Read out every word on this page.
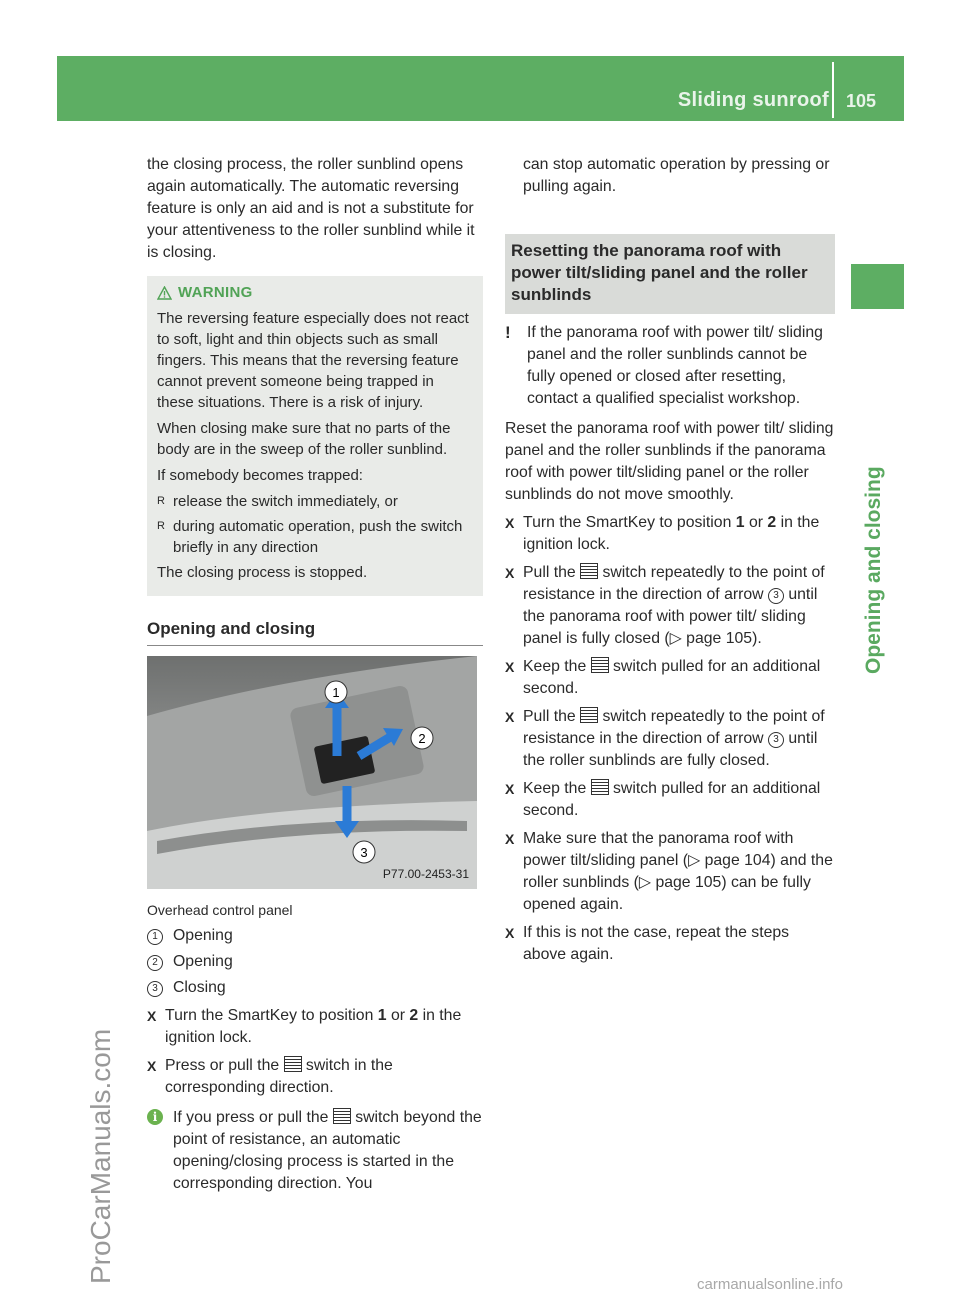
Sliding sunroof 105
Opening and closing
ProCarManuals.com
carmanualsonline.info

the closing process, the roller sunblind opens again automatically. The automatic reversing feature is only an aid and is not a substitute for your attentiveness to the roller sunblind while it is closing.

WARNING

The reversing feature especially does not react to soft, light and thin objects such as small fingers. This means that the reversing feature cannot prevent someone being trapped in these situations. There is a risk of injury.

When closing make sure that no parts of the body are in the sweep of the roller sunblind.

If somebody becomes trapped:

R release the switch immediately, or
R during automatic operation, push the switch briefly in any direction

The closing process is stopped.

Opening and closing
1
2
3
P77.00-2453-31
Overhead control panel
1 Opening
2 Opening
3 Closing
X Turn the SmartKey to position 1 or 2 in the ignition lock.
X Press or pull the  switch in the corresponding direction.
i If you press or pull the  switch beyond the point of resistance, an automatic opening/closing process is started in the corresponding direction. You

can stop automatic operation by pressing or pulling again.

Resetting the panorama roof with power tilt/sliding panel and the roller sunblinds
! If the panorama roof with power tilt/ sliding panel and the roller sunblinds cannot be fully opened or closed after resetting, contact a qualified specialist workshop.

Reset the panorama roof with power tilt/ sliding panel and the roller sunblinds if the panorama roof with power tilt/sliding panel or the roller sunblinds do not move smoothly.

X Turn the SmartKey to position 1 or 2 in the ignition lock.
X Pull the  switch repeatedly to the point of resistance in the direction of arrow 3 until the panorama roof with power tilt/ sliding panel is fully closed (▷ page 105).
X Keep the  switch pulled for an additional second.
X Pull the  switch repeatedly to the point of resistance in the direction of arrow 3 until the roller sunblinds are fully closed.
X Keep the  switch pulled for an additional second.
X Make sure that the panorama roof with power tilt/sliding panel (▷ page 104) and the roller sunblinds (▷ page 105) can be fully opened again.
X If this is not the case, repeat the steps above again.
